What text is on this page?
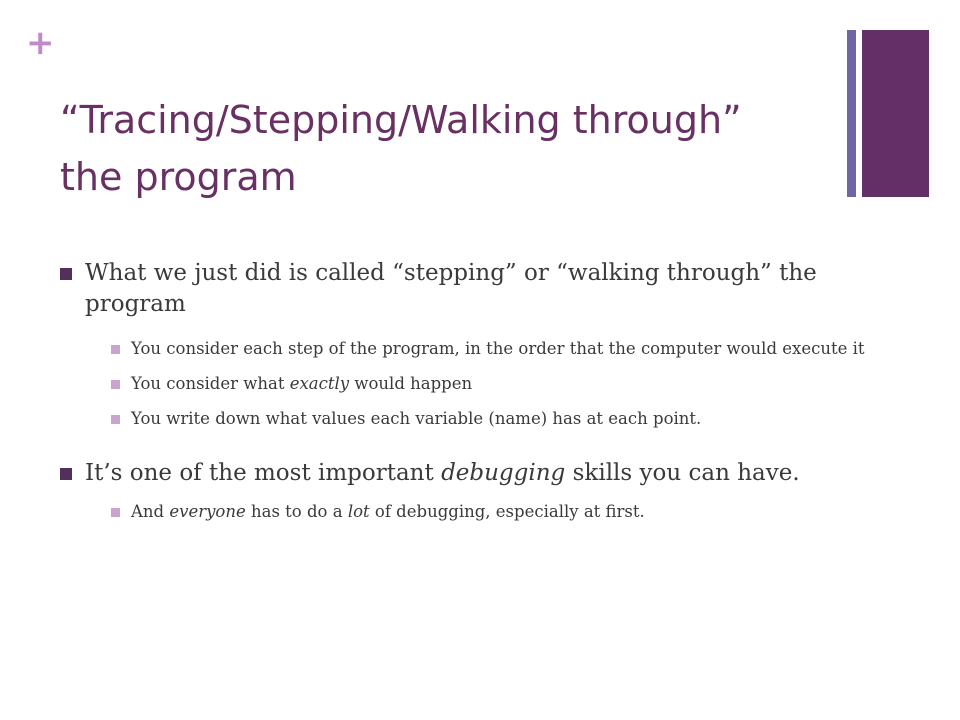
+
“Tracing/Stepping/Walking through” the program
What we just did is called “stepping” or “walking through” the program
You consider each step of the program, in the order that the computer would execute it
You consider what exactly would happen
You write down what values each variable (name) has at each point.
It’s one of the most important debugging skills you can have.
And everyone has to do a lot of debugging, especially at first.
